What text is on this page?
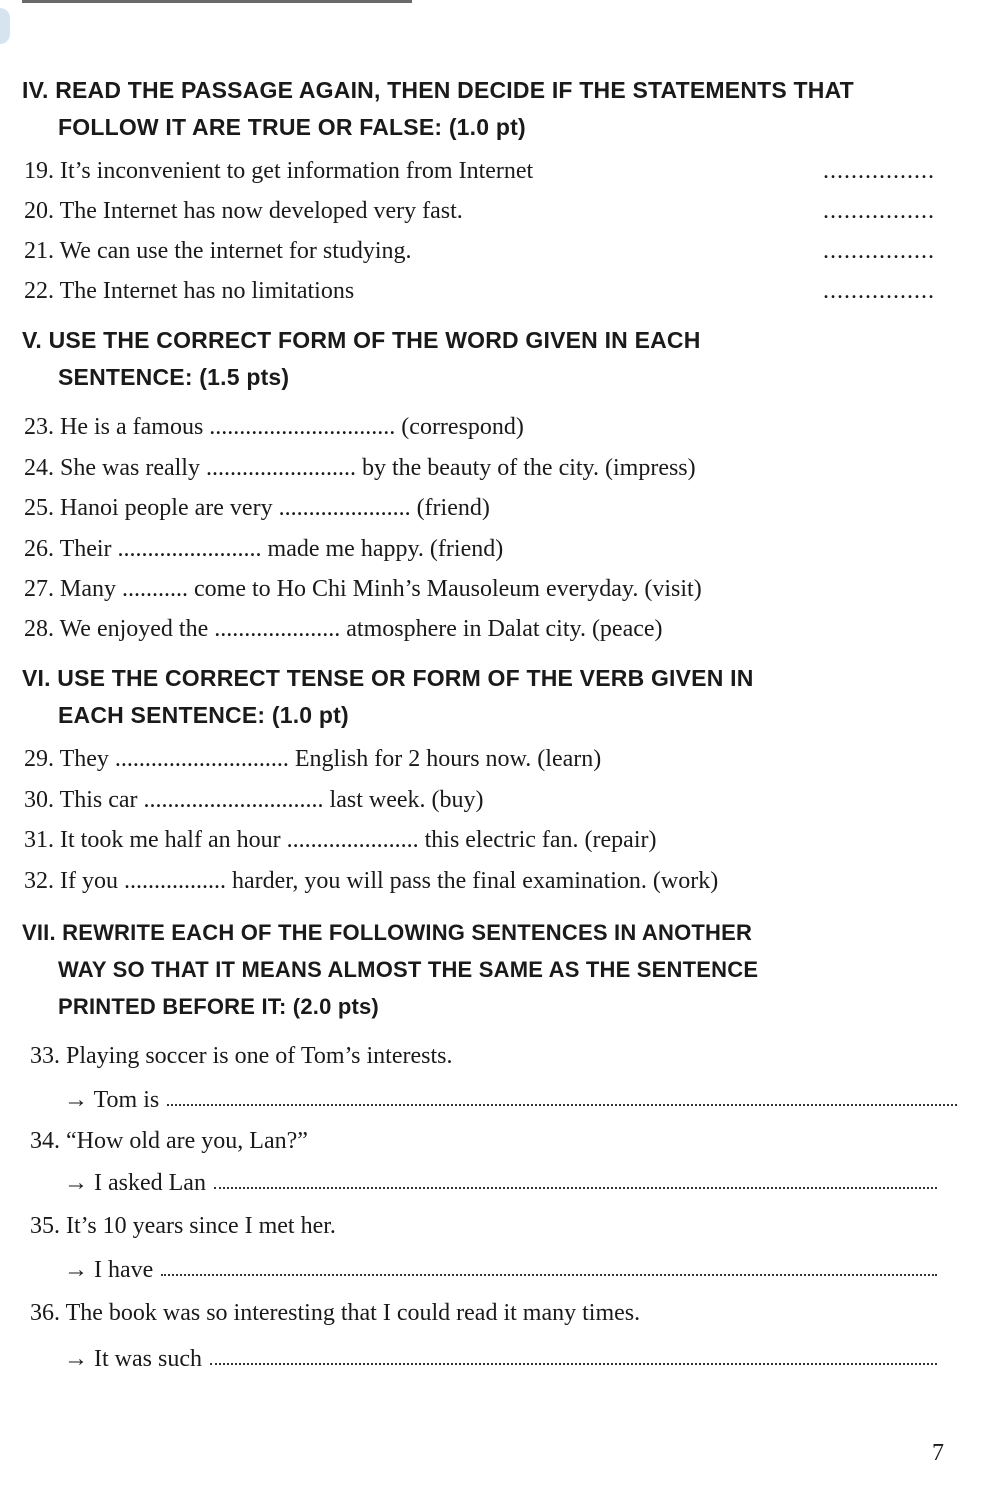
IV. READ THE PASSAGE AGAIN, THEN DECIDE IF THE STATEMENTS THAT
FOLLOW IT ARE TRUE OR FALSE: (1.0 pt)
19. It’s inconvenient to get information from Internet	................
20. The Internet has now developed very fast.	................
21. We can use the internet for studying.	................
22. The Internet has no limitations	................
V. USE THE CORRECT FORM OF THE WORD GIVEN IN EACH
SENTENCE: (1.5 pts)
23. He is a famous ............................... (correspond)
24. She was really ......................... by the beauty of the city. (impress)
25. Hanoi people are very ...................... (friend)
26. Their ........................ made me happy. (friend)
27. Many ........... come to Ho Chi Minh’s Mausoleum everyday. (visit)
28. We enjoyed the ..................... atmosphere in Dalat city. (peace)
VI. USE THE CORRECT TENSE OR FORM OF THE VERB GIVEN IN
EACH SENTENCE: (1.0 pt)
29. They ............................. English for 2 hours now. (learn)
30. This car .............................. last week. (buy)
31. It took me half an hour ...................... this electric fan. (repair)
32. If you ................. harder, you will pass the final examination. (work)
VII. REWRITE EACH OF THE FOLLOWING SENTENCES IN ANOTHER
WAY SO THAT IT MEANS ALMOST THE SAME AS THE SENTENCE
PRINTED BEFORE IT: (2.0 pts)
33. Playing soccer is one of Tom’s interests.
→ Tom is
34. “How old are you, Lan?”
→ I asked Lan
35. It’s 10 years since I met her.
→ I have
36. The book was so interesting that I could read it many times.
→ It was such
7
